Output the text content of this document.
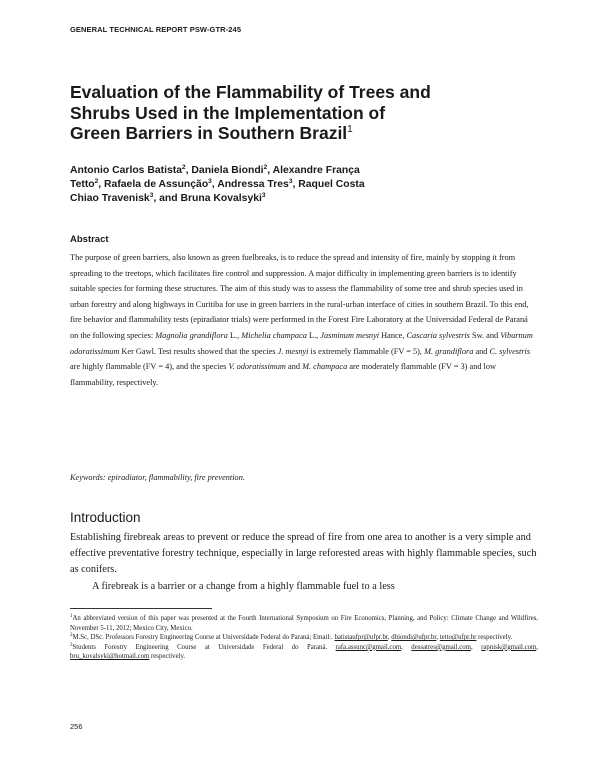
GENERAL TECHNICAL REPORT PSW-GTR-245
Evaluation of the Flammability of Trees and
Shrubs Used in the Implementation of
Green Barriers in Southern Brazil$^1$
Antonio Carlos Batista$^2$, Daniela Biondi$^2$, Alexandre França
Tetto$^2$, Rafaela de Assunção$^3$, Andressa Tres$^3$, Raquel Costa
Chiao Travenisk$^3$, and Bruna Kovalsyki$^3$
Abstract
The purpose of green barriers, also known as green fuelbreaks, is to reduce the spread and intensity of fire, mainly by stopping it from spreading to the treetops, which facilitates fire control and suppression. A major difficulty in implementing green barriers is to identify suitable species for forming these structures. The aim of this study was to assess the flammability of some tree and shrub species used in urban forestry and along highways in Curitiba for use in green barriers in the rural-urban interface of cities in southern Brazil. To this end, fire behavior and flammability tests (epiradiator trials) were performed in the Forest Fire Laboratory at the Universidad Federal de Paraná on the following species: Magnolia grandiflora L., Michelia champaca L., Jasminum mesnyi Hance, Cascaria sylvestris Sw. and Viburnum odoratissimum Ker Gawl. Test results showed that the species J. mesnyi is extremely flammable (FV = 5), M. grandiflora and C. sylvestris are highly flammable (FV = 4), and the species V. odoratissimum and M. champaca are moderately flammable (FV = 3) and low flammability, respectively.
Keywords: epiradiator, flammability, fire prevention.
Introduction

Establishing firebreak areas to prevent or reduce the spread of fire from one area to another is a very simple and effective preventative forestry technique, especially in large reforested areas with highly flammable species, such as conifers.

A firebreak is a barrier or a change from a highly flammable fuel to a less

$^1$An abbreviated version of this paper was presented at the Fourth International Symposium on Fire Economics, Planning, and Policy: Climate Change and Wildfires, November 5-11, 2012; Mexico City, Mexico.

$^2$M.Sc, DSc. Professors Forestry Engineering Course at Universidade Federal do Paraná; Email:. batistaufpr@ufpr.br, dbiondi@ufpr.br, tetto@ufpr.br respectively.

$^3$Students Forestry Engineering Course at Universidade Federal do Paraná. rafa.assunc@gmail.com, dessatres@gmail.com, rapnisk@gmail.com, bru_kovalsyki@hotmail.com respectively.

256
